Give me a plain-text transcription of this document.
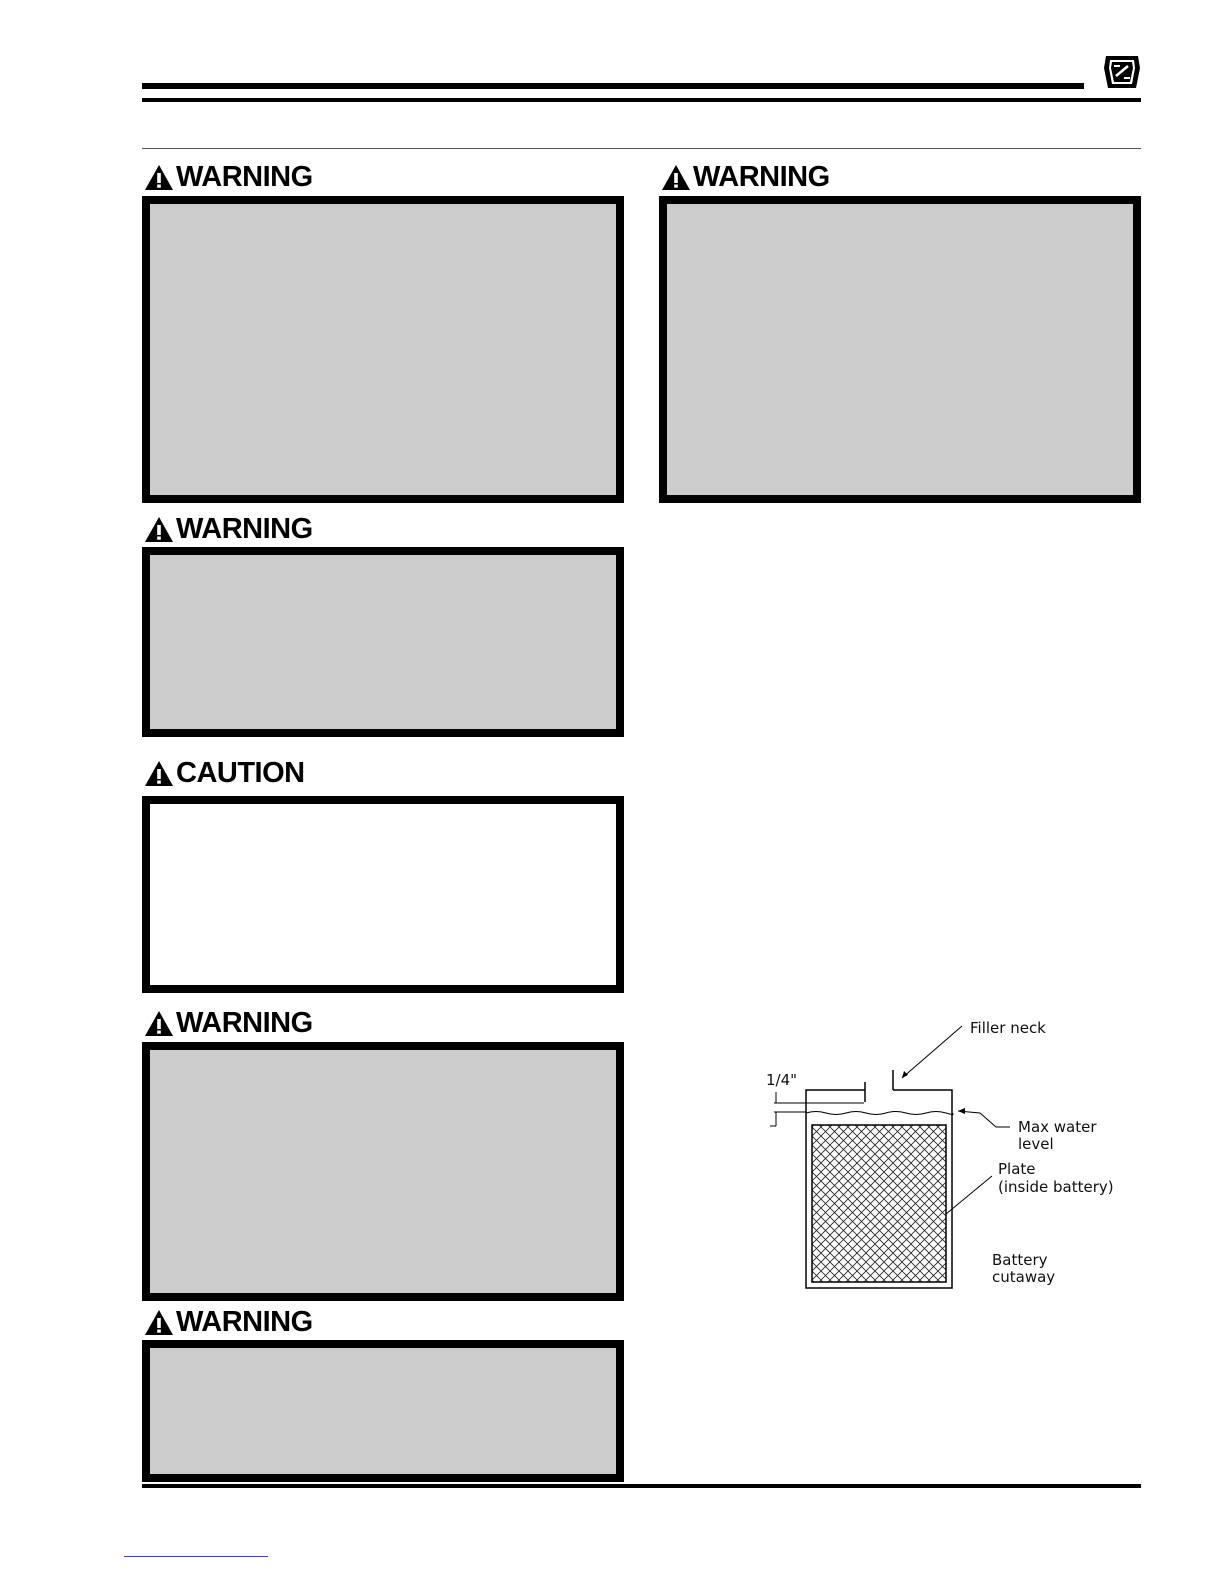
WARNING
WARNING
CAUTION
WARNING
WARNING
WARNING
1/4"
Filler neck
Max water
level
Plate
(inside battery)
Battery
cutaway
